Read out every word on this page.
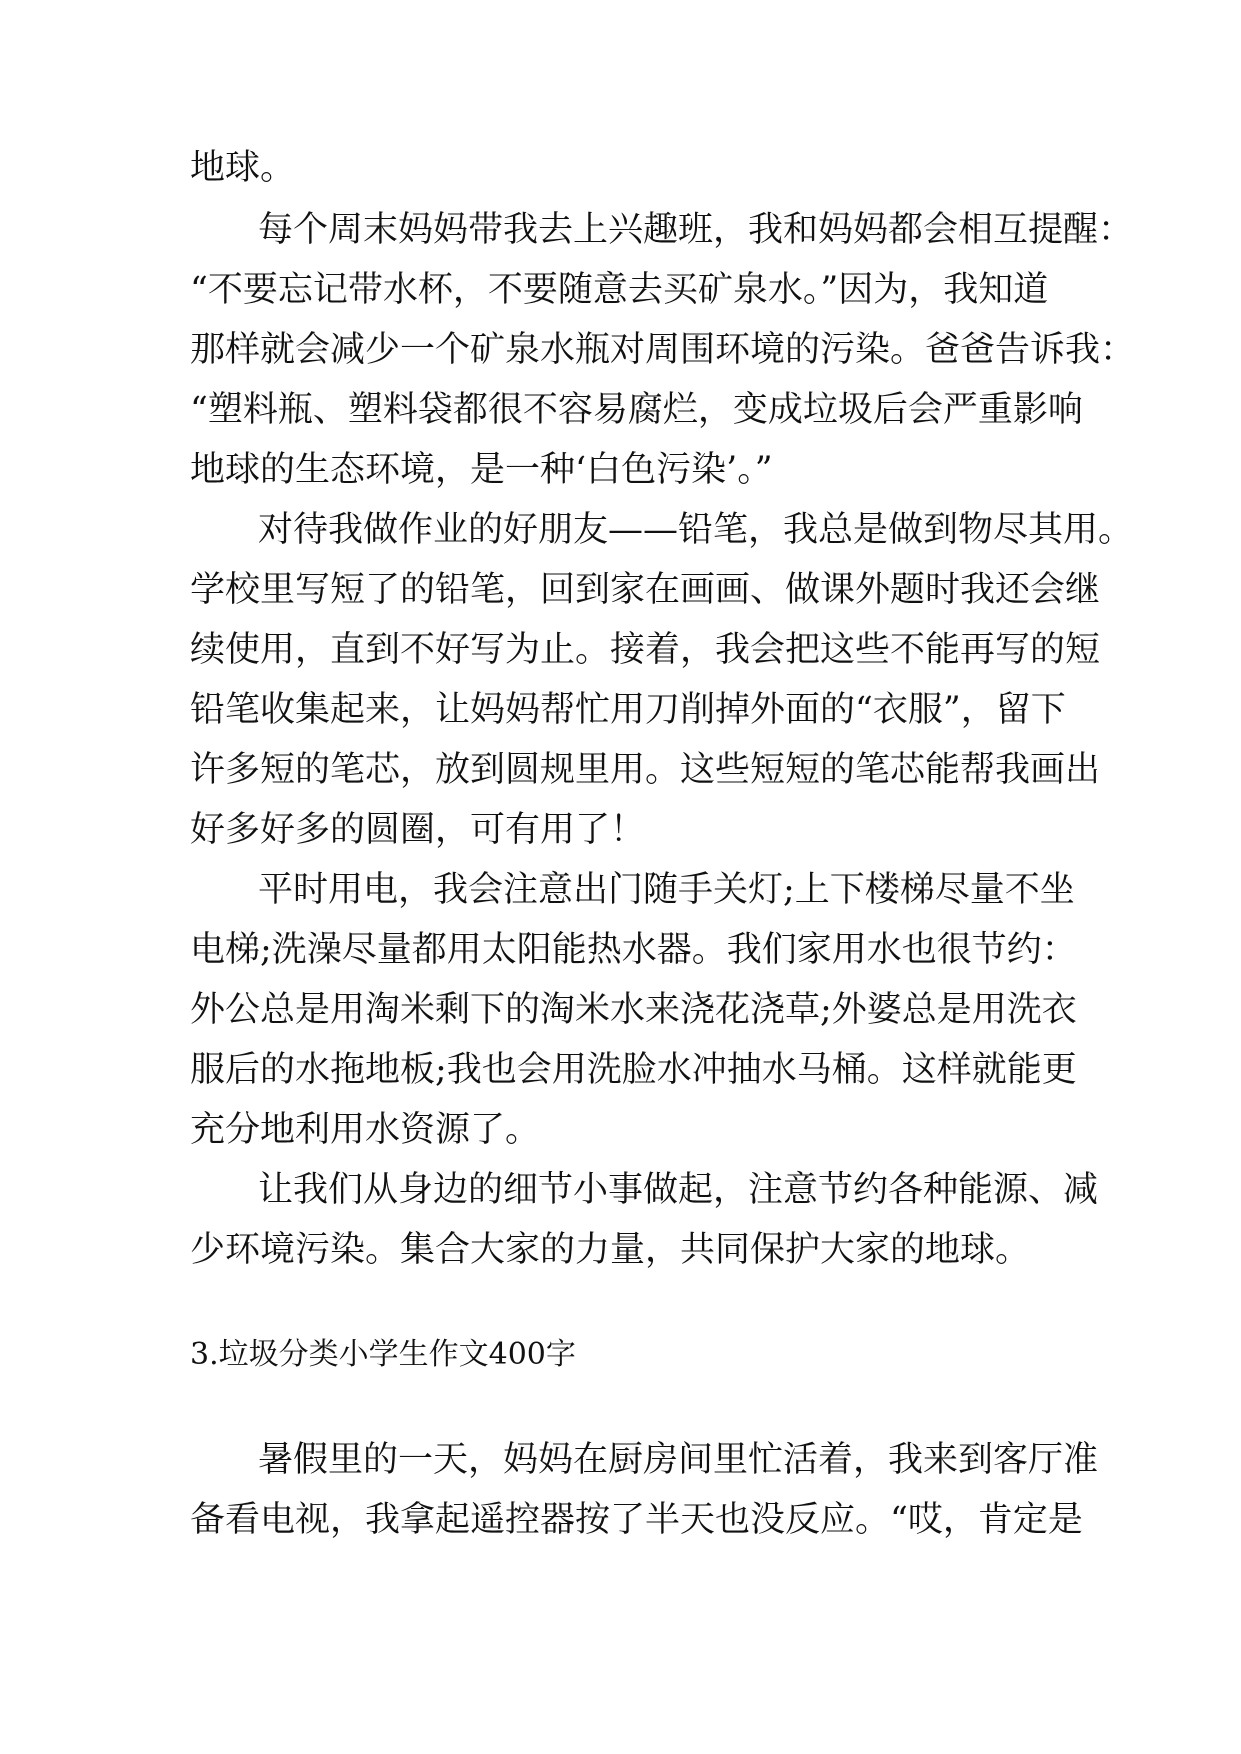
地球。
每个周末妈妈带我去上兴趣班，我和妈妈都会相互提醒：
“不要忘记带水杯，不要随意去买矿泉水。”因为，我知道
那样就会减少一个矿泉水瓶对周围环境的污染。爸爸告诉我：
“塑料瓶、塑料袋都很不容易腐烂，变成垃圾后会严重影响
地球的生态环境，是一种‘白色污染’。”
对待我做作业的好朋友——铅笔，我总是做到物尽其用。
学校里写短了的铅笔，回到家在画画、做课外题时我还会继
续使用，直到不好写为止。接着，我会把这些不能再写的短
铅笔收集起来，让妈妈帮忙用刀削掉外面的“衣服”，留下
许多短的笔芯，放到圆规里用。这些短短的笔芯能帮我画出
好多好多的圆圈，可有用了！
平时用电，我会注意出门随手关灯;上下楼梯尽量不坐
电梯;洗澡尽量都用太阳能热水器。我们家用水也很节约：
外公总是用淘米剩下的淘米水来浇花浇草;外婆总是用洗衣
服后的水拖地板;我也会用洗脸水冲抽水马桶。这样就能更
充分地利用水资源了。
让我们从身边的细节小事做起，注意节约各种能源、减
少环境污染。集合大家的力量，共同保护大家的地球。
3.垃圾分类小学生作文400字
暑假里的一天，妈妈在厨房间里忙活着，我来到客厅准
备看电视，我拿起遥控器按了半天也没反应。“哎，肯定是
